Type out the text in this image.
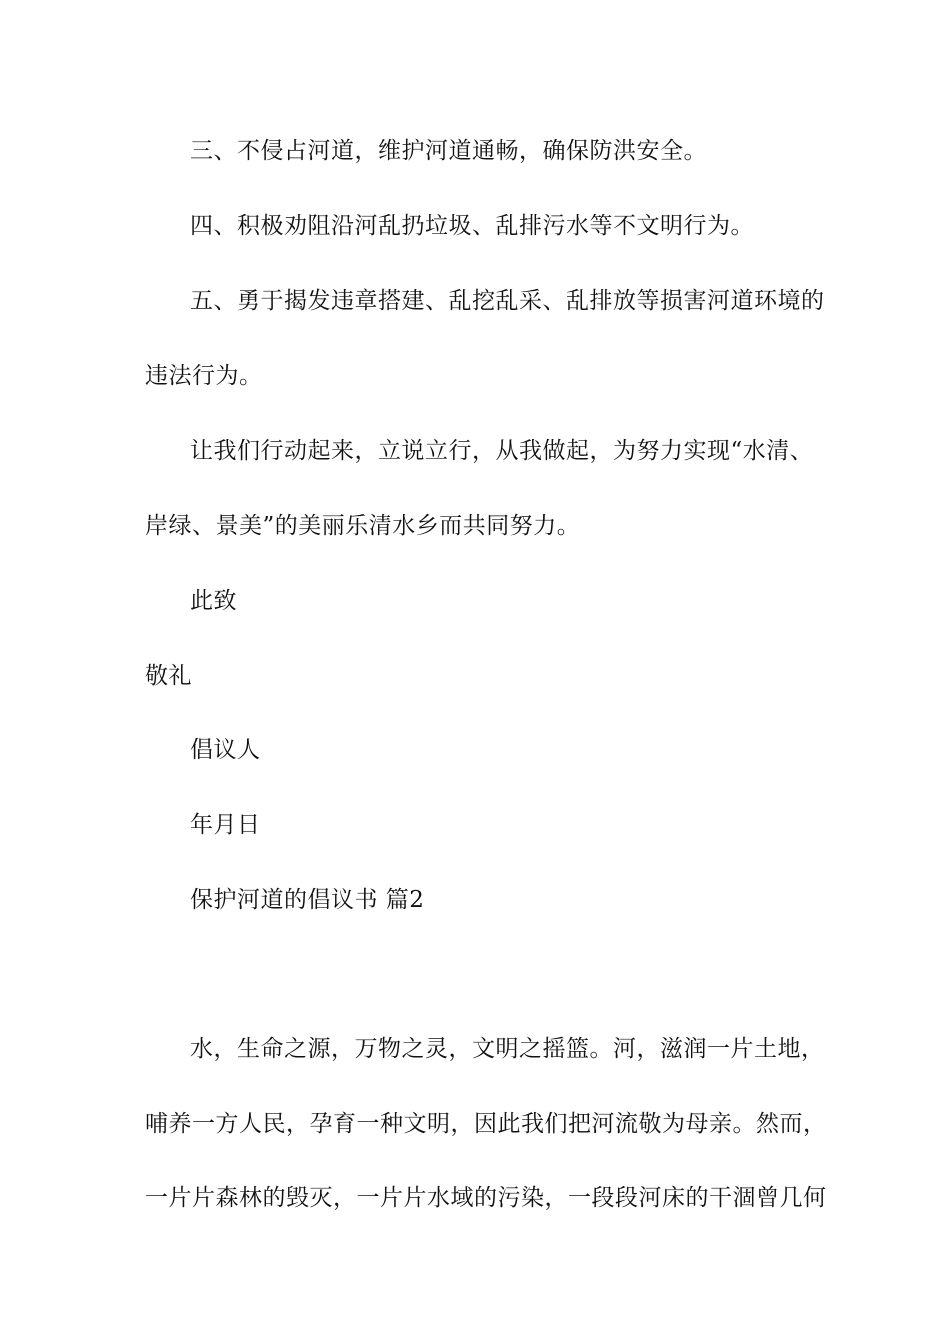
三、不侵占河道，维护河道通畅，确保防洪安全。
四、积极劝阻沿河乱扔垃圾、乱排污水等不文明行为。
五、勇于揭发违章搭建、乱挖乱采、乱排放等损害河道环境的
违法行为。
让我们行动起来，立说立行，从我做起，为努力实现“水清、
岸绿、景美”的美丽乐清水乡而共同努力。
此致
敬礼
倡议人
年月日
保护河道的倡议书 篇2
水，生命之源，万物之灵，文明之摇篮。河，滋润一片土地，
哺养一方人民，孕育一种文明，因此我们把河流敬为母亲。然而，
一片片森林的毁灭，一片片水域的污染，一段段河床的干涸曾几何
